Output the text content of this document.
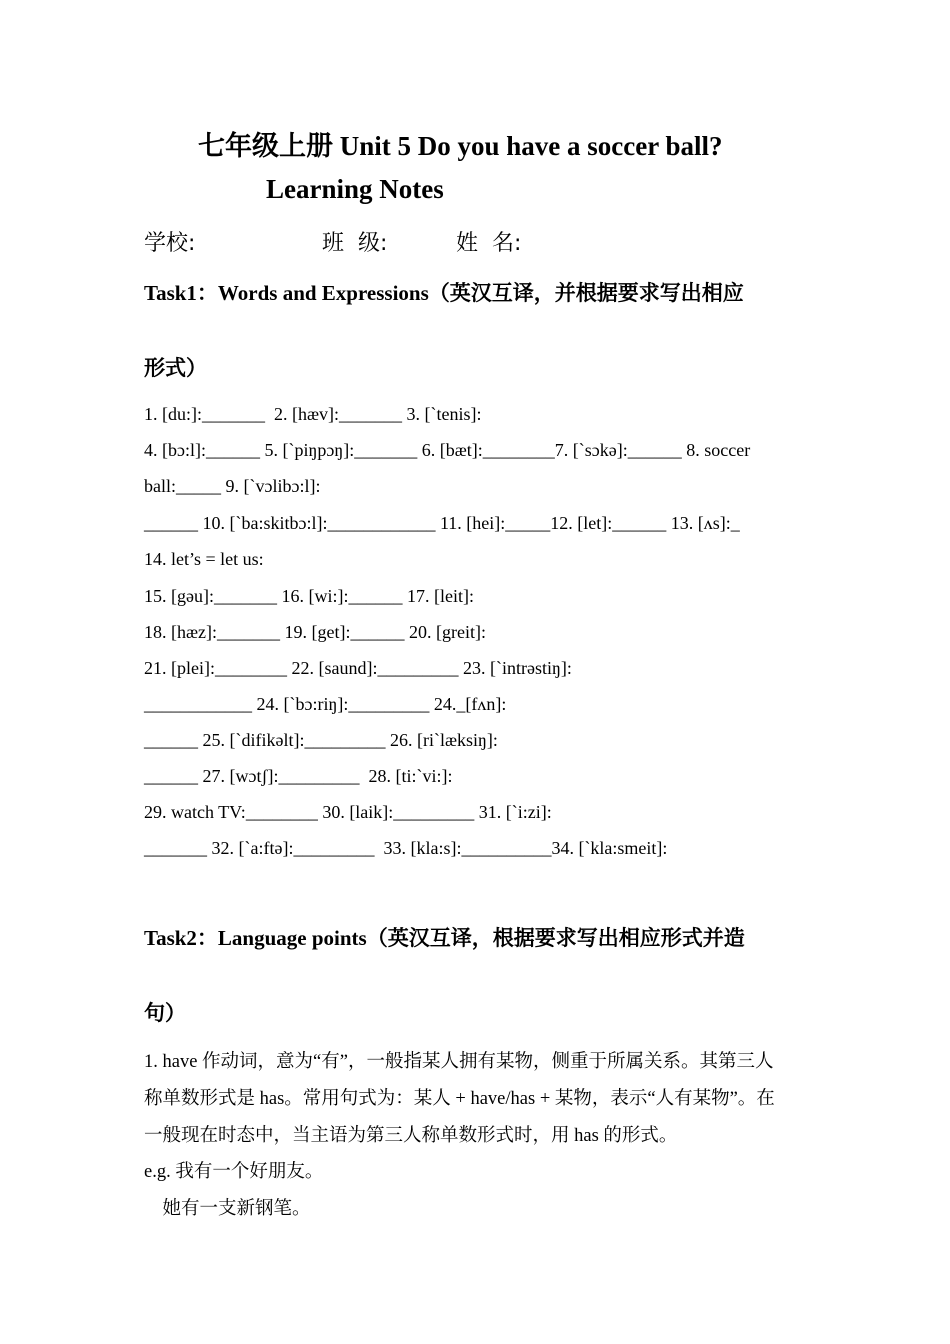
七年级上册 Unit 5 Do you have a soccer ball?
Learning Notes
学校:	班  级:	姓  名:
Task1：Words and Expressions（英汉互译，并根据要求写出相应
形式）
1. [du:]:_______  2. [hæv]:_______ 3. [`tenis]:
4. [bɔ:l]:______ 5. [`piŋpɔŋ]:_______ 6. [bæt]:________7. [`sɔkə]:______ 8. soccer
ball:_____ 9. [`vɔlibɔ:l]:
______ 10. [`ba:skitbɔ:l]:____________ 11. [hei]:_____12. [let]:______ 13. [ʌs]:_
14. let’s = let us:
15. [gəu]:_______ 16. [wi:]:______ 17. [leit]:
18. [hæz]:_______ 19. [get]:______ 20. [greit]:
21. [plei]:________ 22. [saund]:_________ 23. [`intrəstiŋ]:
____________ 24. [`bɔ:riŋ]:_________ 24._[fʌn]:
______ 25. [`difikəlt]:_________ 26. [ri`læksiŋ]:
______ 27. [wɔtʃ]:_________  28. [ti:`vi:]:
29. watch TV:________ 30. [laik]:_________ 31. [`i:zi]:
_______ 32. [`a:ftə]:_________  33. [kla:s]:__________34. [`kla:smeit]:
Task2：Language points（英汉互译，根据要求写出相应形式并造
句）
1. have 作动词，意为“有”，一般指某人拥有某物，侧重于所属关系。其第三人
称单数形式是 has。常用句式为：某人 + have/has + 某物，表示“人有某物”。在
一般现在时态中，当主语为第三人称单数形式时，用 has 的形式。
e.g. 我有一个好朋友。
她有一支新钢笔。
